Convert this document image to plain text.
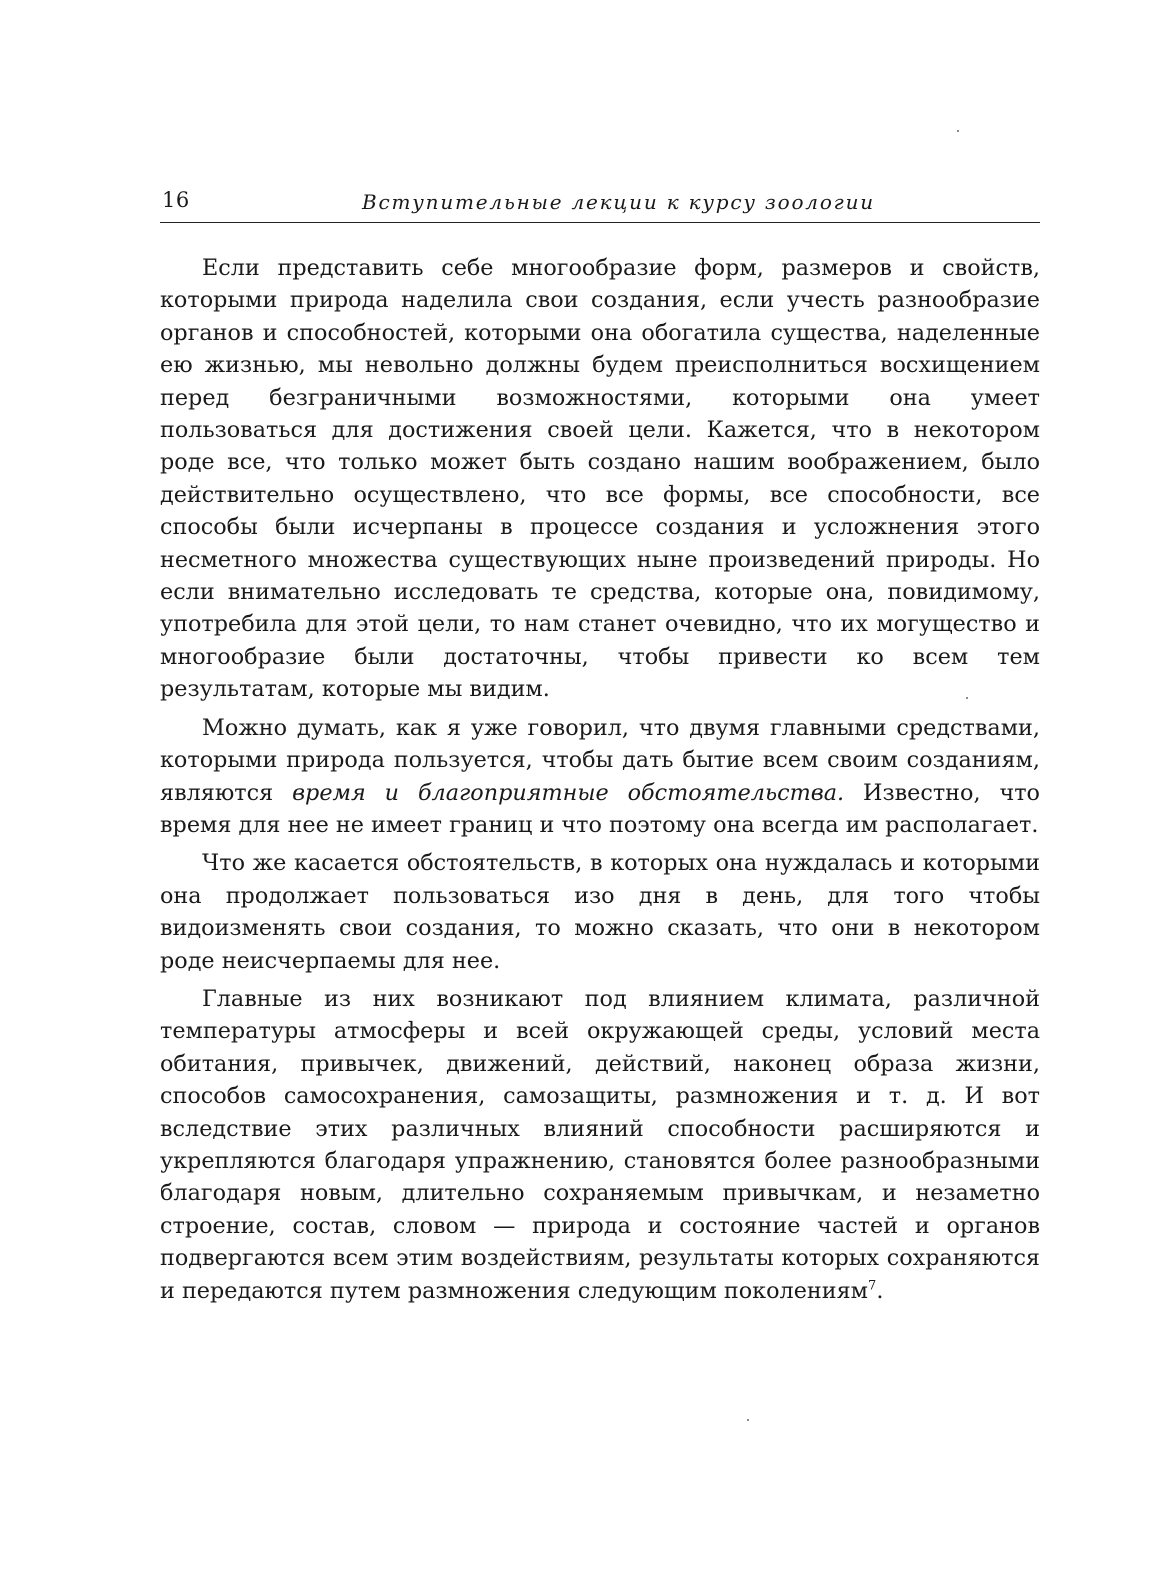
16	Вступительные лекции к курсу зоологии

Если представить себе многообразие форм, размеров и свойств, которыми природа наделила свои создания, если учесть разнообразие органов и способностей, которыми она обогатила существа, наделенные ею жизнью, мы невольно должны будем преисполниться восхищением перед безграничными возможностями, которыми она умеет пользоваться для достижения своей цели. Кажется, что в некотором роде все, что только может быть создано нашим воображением, было действительно осуществлено, что все формы, все способности, все способы были исчерпаны в процессе создания и усложнения этого несметного множества существующих ныне произведений природы. Но если внимательно исследовать те средства, которые она, повидимому, употребила для этой цели, то нам станет очевидно, что их могущество и многообразие были достаточны, чтобы привести ко всем тем результатам, которые мы видим.

Можно думать, как я уже говорил, что двумя главными средствами, которыми природа пользуется, чтобы дать бытие всем своим созданиям, являются время и благоприятные обстоятельства. Известно, что время для нее не имеет границ и что поэтому она всегда им располагает.

Что же касается обстоятельств, в которых она нуждалась и которыми она продолжает пользоваться изо дня в день, для того чтобы видоизменять свои создания, то можно сказать, что они в некотором роде неисчерпаемы для нее.

Главные из них возникают под влиянием климата, различной температуры атмосферы и всей окружающей среды, условий места обитания, привычек, движений, действий, наконец образа жизни, способов самосохранения, самозащиты, размножения и т. д. И вот вследствие этих различных влияний способности расширяются и укрепляются благодаря упражнению, становятся более разнообразными благодаря новым, длительно сохраняемым привычкам, и незаметно строение, состав, словом — природа и состояние частей и органов подвергаются всем этим воздействиям, результаты которых сохраняются и передаются путем размножения следующим поколениям$^7$.
